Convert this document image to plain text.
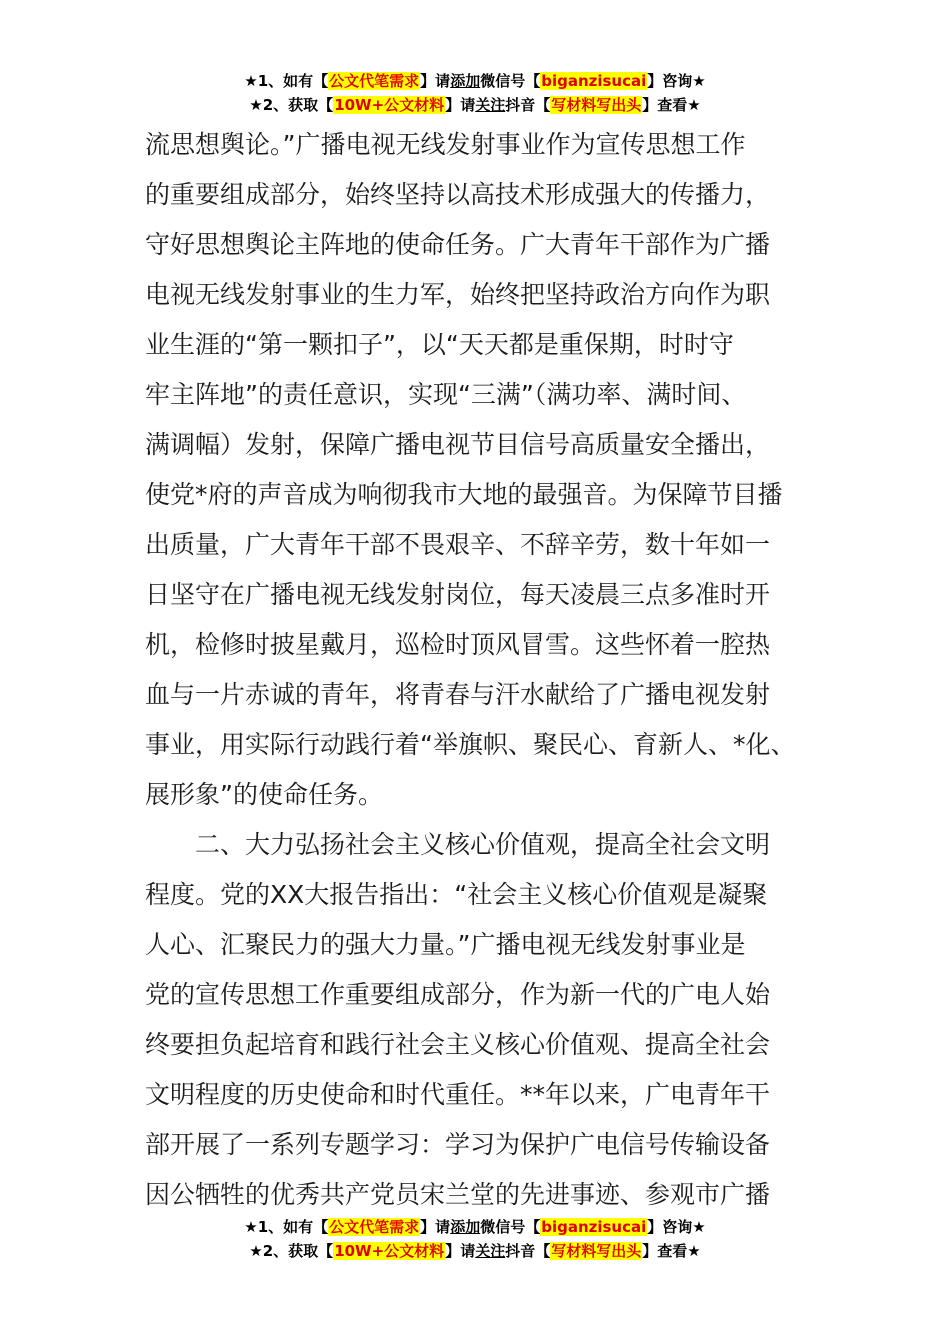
★1、如有【公文代笔需求】请添加微信号【biganzisucai】咨询★
★2、获取【10W+公文材料】请关注抖音【写材料写出头】查看★
流思想舆论。”广播电视无线发射事业作为宣传思想工作
的重要组成部分，始终坚持以高技术形成强大的传播力，
守好思想舆论主阵地的使命任务。广大青年干部作为广播
电视无线发射事业的生力军，始终把坚持政治方向作为职
业生涯的“第一颗扣子”，以“天天都是重保期，时时守
牢主阵地”的责任意识，实现“三满”（满功率、满时间、
满调幅）发射，保障广播电视节目信号高质量安全播出，
使党*府的声音成为响彻我市大地的最强音。为保障节目播
出质量，广大青年干部不畏艰辛、不辞辛劳，数十年如一
日坚守在广播电视无线发射岗位，每天凌晨三点多准时开
机，检修时披星戴月，巡检时顶风冒雪。这些怀着一腔热
血与一片赤诚的青年，将青春与汗水献给了广播电视发射
事业，用实际行动践行着“举旗帜、聚民心、育新人、*化、
展形象”的使命任务。
二、大力弘扬社会主义核心价值观，提高全社会文明
程度。党的XX大报告指出：“社会主义核心价值观是凝聚
人心、汇聚民力的强大力量。”广播电视无线发射事业是
党的宣传思想工作重要组成部分，作为新一代的广电人始
终要担负起培育和践行社会主义核心价值观、提高全社会
文明程度的历史使命和时代重任。**年以来，广电青年干
部开展了一系列专题学习：学习为保护广电信号传输设备
因公牺牲的优秀共产党员宋兰堂的先进事迹、参观市广播
★1、如有【公文代笔需求】请添加微信号【biganzisucai】咨询★
★2、获取【10W+公文材料】请关注抖音【写材料写出头】查看★
